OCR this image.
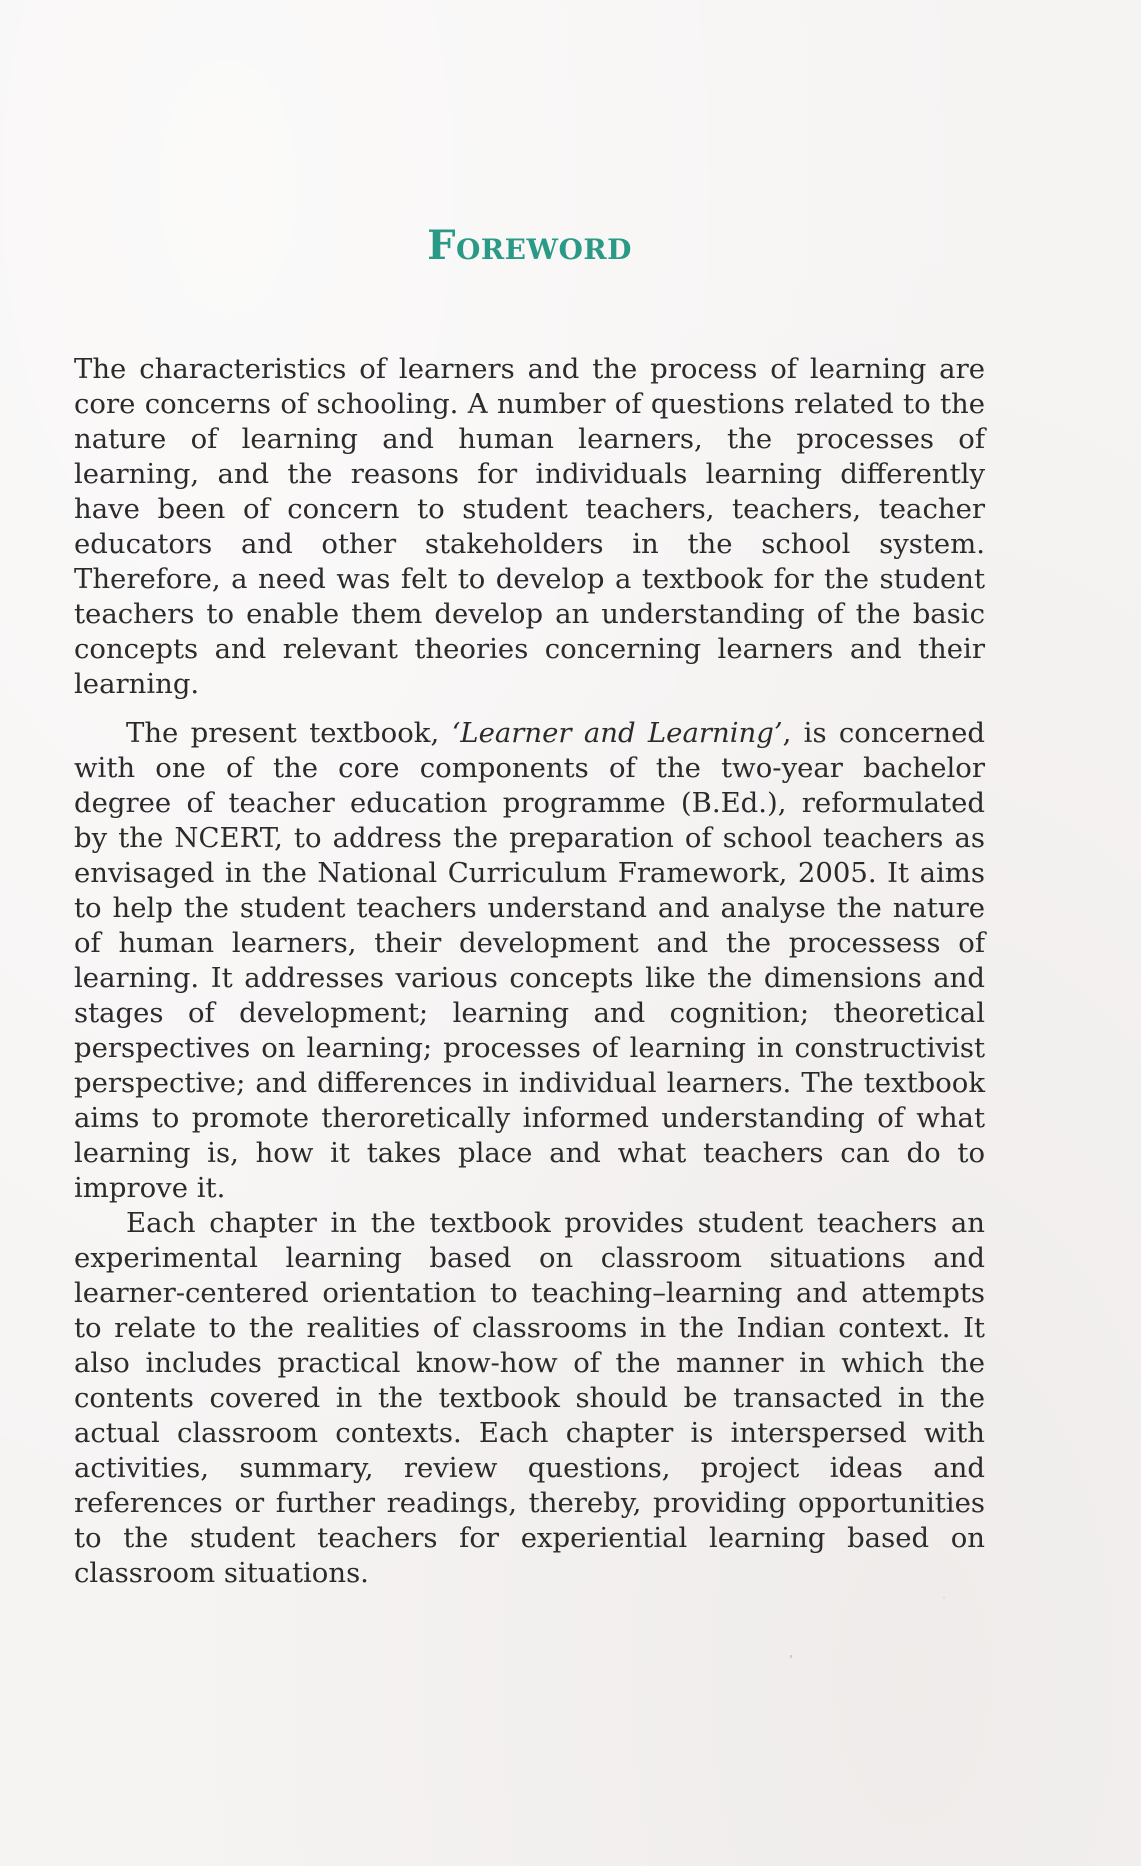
Foreword

The characteristics of learners and the process of learning are core concerns of schooling. A number of questions related to the nature of learning and human learners, the processes of learning, and the reasons for individuals learning differently have been of concern to student teachers, teachers, teacher educators and other stakeholders in the school system. Therefore, a need was felt to develop a textbook for the student teachers to enable them develop an understanding of the basic concepts and relevant theories concerning learners and their learning.

The present textbook, ‘Learner and Learning’, is concerned with one of the core components of the two-year bachelor degree of teacher education programme (B.Ed.), reformulated by the NCERT, to address the preparation of school teachers as envisaged in the National Curriculum Framework, 2005. It aims to help the student teachers understand and analyse the nature of human learners, their development and the processess of learning. It addresses various concepts like the dimensions and stages of development; learning and cognition; theoretical perspectives on learning; processes of learning in constructivist perspective; and differences in individual learners. The textbook aims to promote theroretically informed understanding of what learning is, how it takes place and what teachers can do to improve it.

Each chapter in the textbook provides student teachers an experimental learning based on classroom situations and learner-centered orientation to teaching–learning and attempts to relate to the realities of classrooms in the Indian context. It also includes practical know-how of the manner in which the contents covered in the textbook should be transacted in the actual classroom contexts. Each chapter is interspersed with activities, summary, review questions, project ideas and references or further readings, thereby, providing opportunities to the student teachers for experiential learning based on classroom situations.
